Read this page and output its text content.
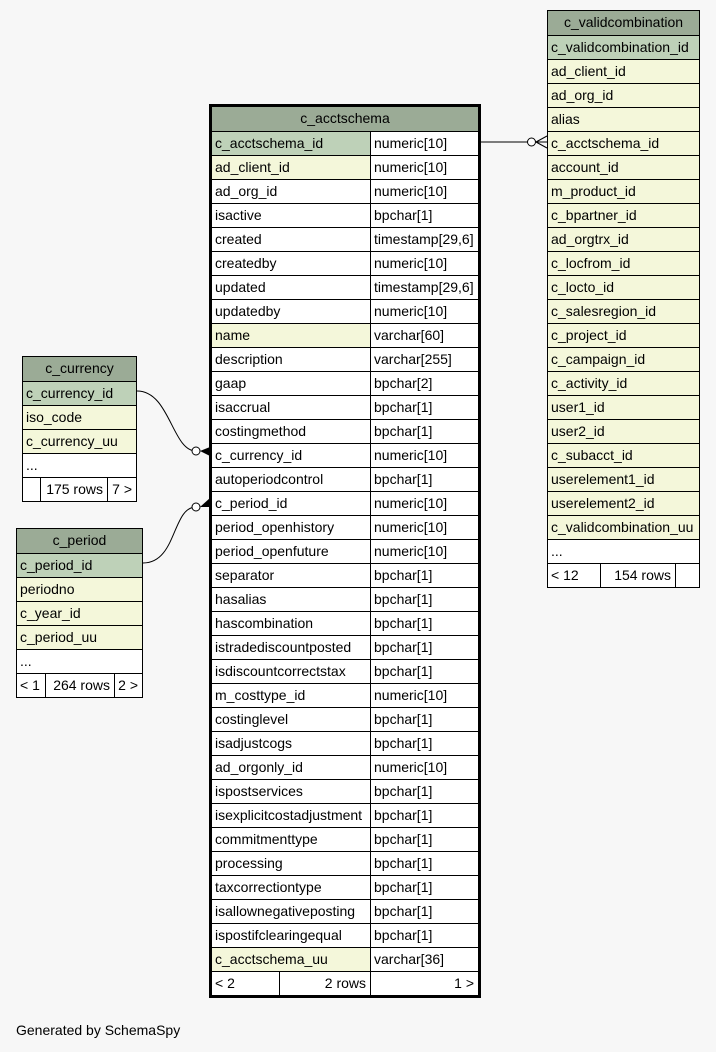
c_acctschema
c_acctschema_id	numeric[10]
ad_client_id	numeric[10]
ad_org_id	numeric[10]
isactive	bpchar[1]
created	timestamp[29,6]
createdby	numeric[10]
updated	timestamp[29,6]
updatedby	numeric[10]
name	varchar[60]
description	varchar[255]
gaap	bpchar[2]
isaccrual	bpchar[1]
costingmethod	bpchar[1]
c_currency_id	numeric[10]
autoperiodcontrol	bpchar[1]
c_period_id	numeric[10]
period_openhistory	numeric[10]
period_openfuture	numeric[10]
separator	bpchar[1]
hasalias	bpchar[1]
hascombination	bpchar[1]
istradediscountposted	bpchar[1]
isdiscountcorrectstax	bpchar[1]
m_costtype_id	numeric[10]
costinglevel	bpchar[1]
isadjustcogs	bpchar[1]
ad_orgonly_id	numeric[10]
ispostservices	bpchar[1]
isexplicitcostadjustment bpchar[1]
commitmenttype	bpchar[1]
processing	bpchar[1]
taxcorrectiontype	bpchar[1]
isallownegativeposting	bpchar[1]
ispostifclearingequal	bpchar[1]
c_acctschema_uu	varchar[36]
< 2	2 rows	1 >
c_validcombination
c_validcombination_id
ad_client_id
ad_org_id
alias
c_acctschema_id
account_id
m_product_id
c_bpartner_id
ad_orgtrx_id
c_locfrom_id
c_locto_id
c_salesregion_id
c_project_id
c_campaign_id
c_activity_id
user1_id
user2_id
c_subacct_id
userelement1_id
userelement2_id
c_validcombination_uu
...
< 12	154 rows
c_currency
c_currency_id
iso_code
c_currency_uu
...
175 rows 7 >
c_period
c_period_id
periodno
c_year_id
c_period_uu
...
< 1 264 rows 2 >
Generated by SchemaSpy
